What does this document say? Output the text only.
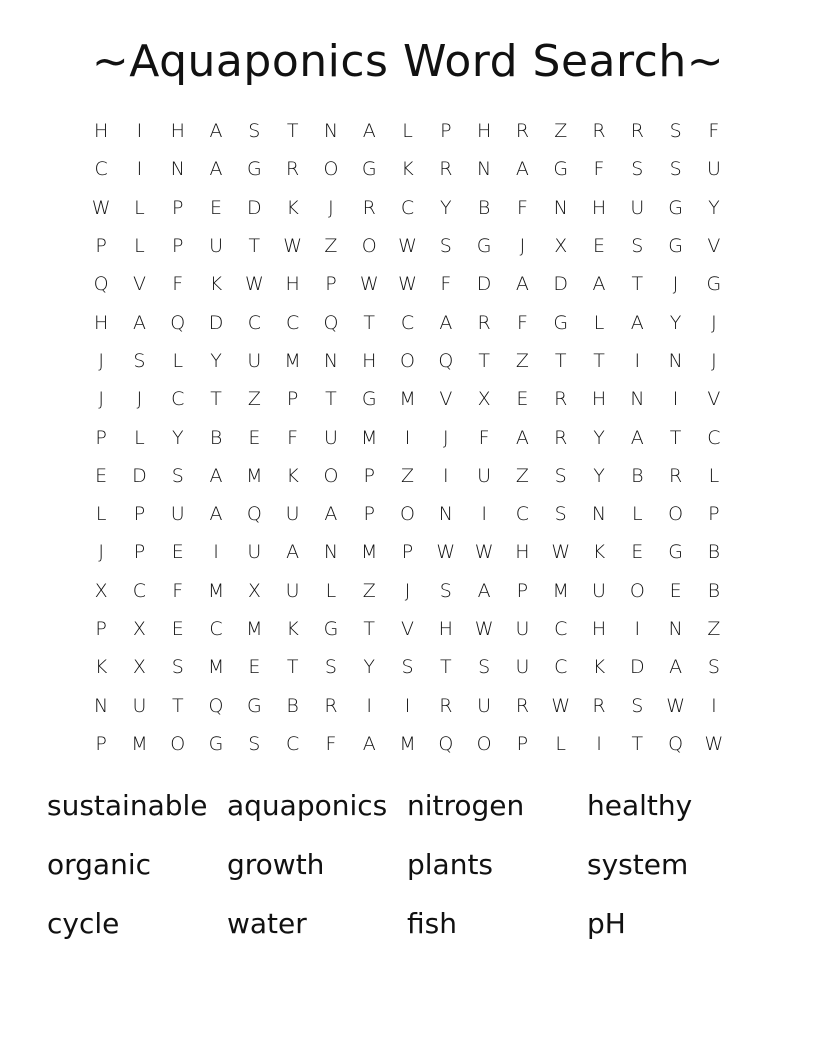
~Aquaponics Word Search~
H	I	H	A	S	T	N	A	L	P	H	R	Z	R	R	S	F
C	I	N	A	G	R	O	G	K	R	N	A	G	F	S	S	U
W	L	P	E	D	K	J	R	C	Y	B	F	N	H	U	G	Y
P	L	P	U	T	W	Z	O	W	S	G	J	X	E	S	G	V
Q	V	F	K	W	H	P	W	W	F	D	A	D	A	T	J	G
H	A	Q	D	C	C	Q	T	C	A	R	F	G	L	A	Y	J
J	S	L	Y	U	M	N	H	O	Q	T	Z	T	T	I	N	J
J	J	C	T	Z	P	T	G	M	V	X	E	R	H	N	I	V
P	L	Y	B	E	F	U	M	I	J	F	A	R	Y	A	T	C
E	D	S	A	M	K	O	P	Z	I	U	Z	S	Y	B	R	L
L	P	U	A	Q	U	A	P	O	N	I	C	S	N	L	O	P
J	P	E	I	U	A	N	M	P	W	W	H	W	K	E	G	B
X	C	F	M	X	U	L	Z	J	S	A	P	M	U	O	E	B
P	X	E	C	M	K	G	T	V	H	W	U	C	H	I	N	Z
K	X	S	M	E	T	S	Y	S	T	S	U	C	K	D	A	S
N	U	T	Q	G	B	R	I	I	R	U	R	W	R	S	W	I
P	M	O	G	S	C	F	A	M	Q	O	P	L	I	T	Q	W
sustainable aquaponics nitrogen	healthy
organic	growth	plants	system
cycle	water	fish	pH
